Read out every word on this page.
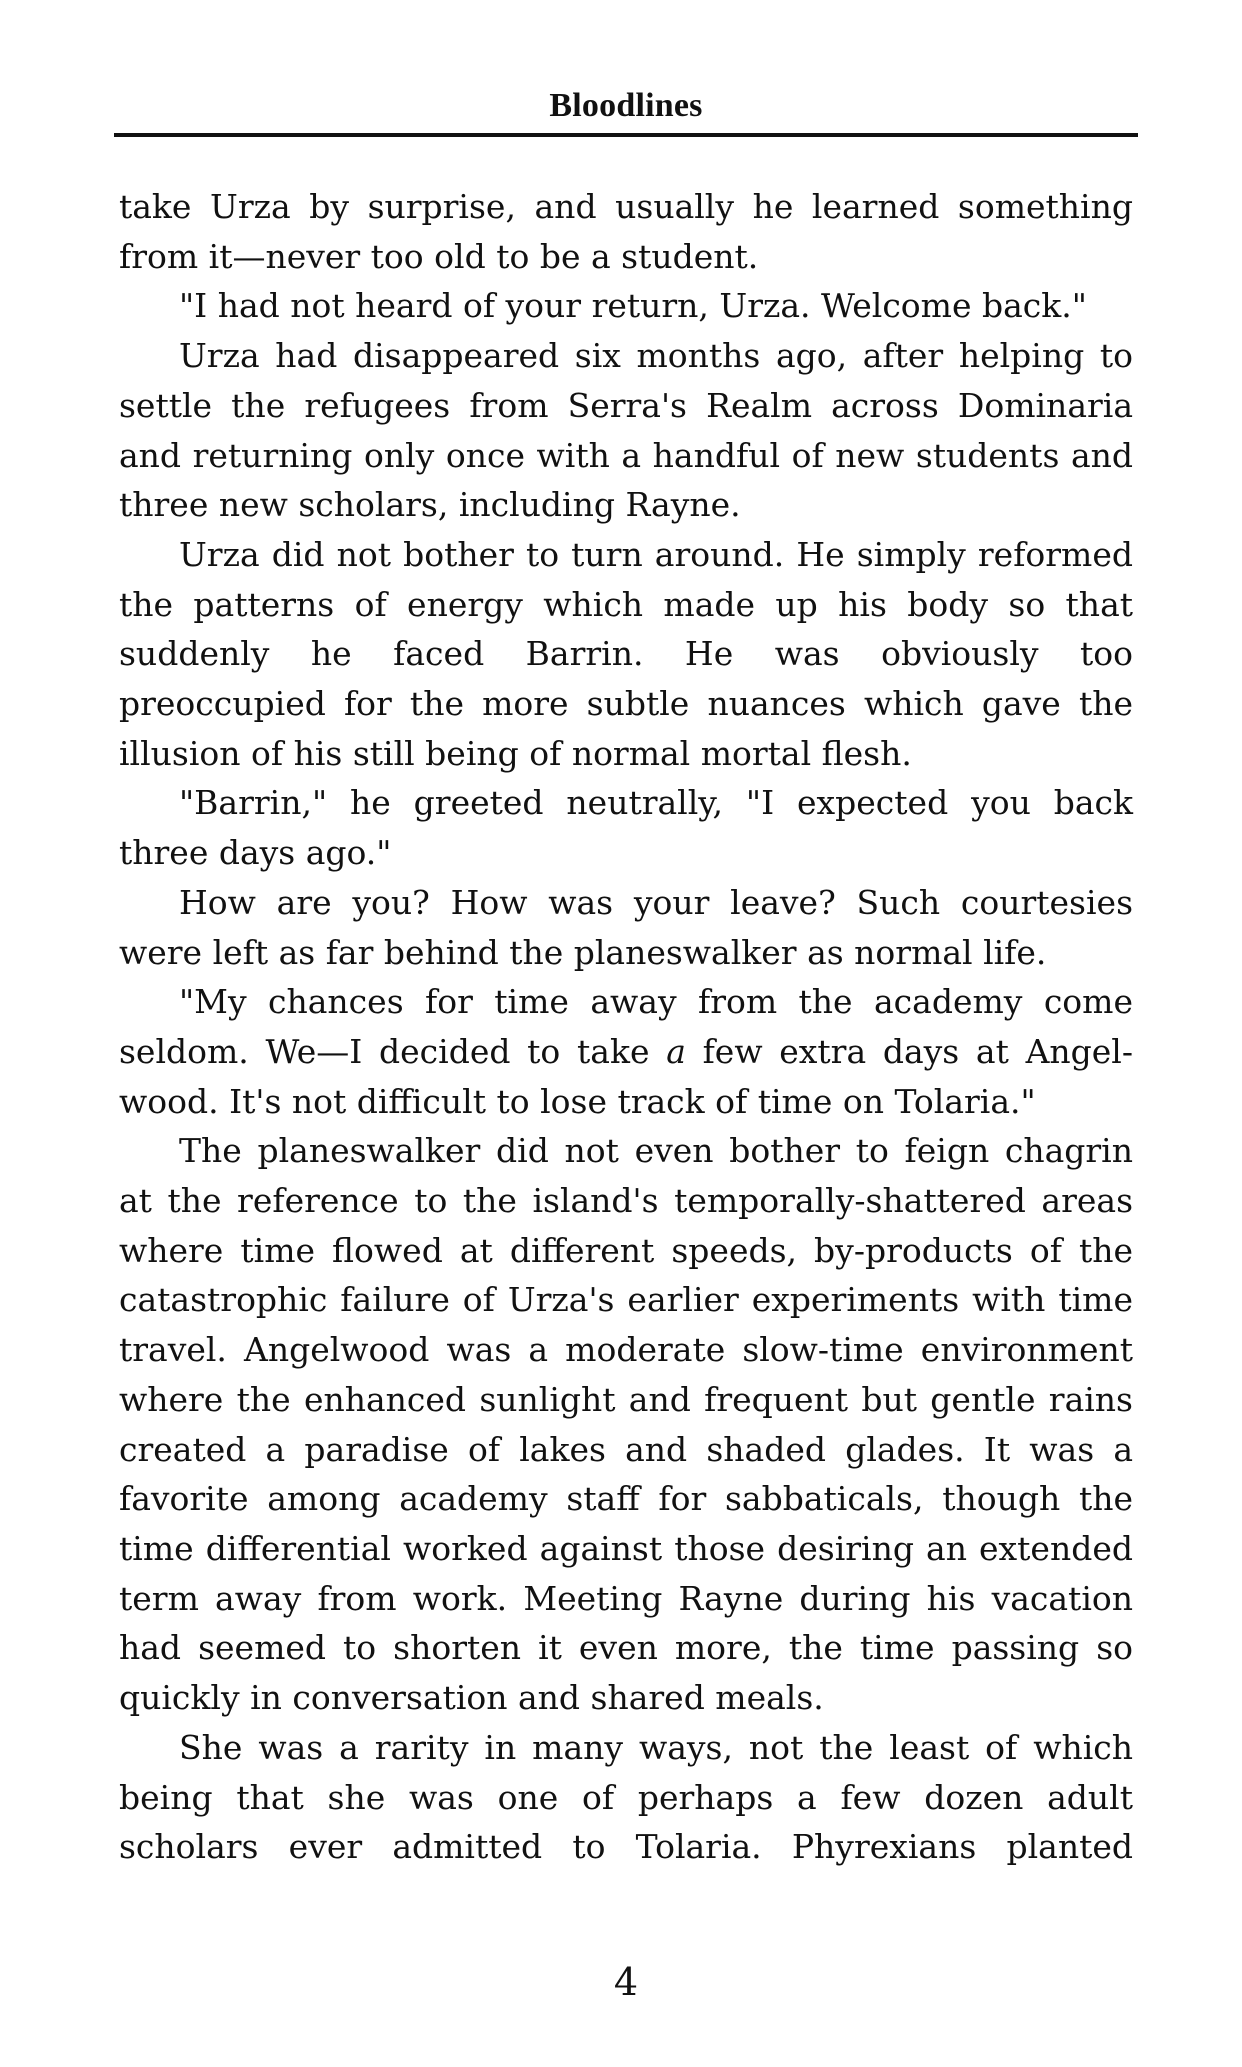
Bloodlines

take Urza by surprise, and usually he learned something from it—never too old to be a student.

"I had not heard of your return, Urza. Welcome back."

Urza had disappeared six months ago, after helping to settle the refugees from Serra's Realm across Dominaria and returning only once with a handful of new students and three new scholars, including Rayne.

Urza did not bother to turn around. He simply reformed the patterns of energy which made up his body so that suddenly he faced Barrin. He was obviously too preoccupied for the more subtle nuances which gave the illusion of his still being of normal mortal flesh.

"Barrin," he greeted neutrally, "I expected you back three days ago."

How are you? How was your leave? Such courtesies were left as far behind the planeswalker as normal life.

"My chances for time away from the academy come seldom. We—I decided to take a few extra days at Angel-wood. It's not difficult to lose track of time on Tolaria."

The planeswalker did not even bother to feign chagrin at the reference to the island's temporally-shattered areas where time flowed at different speeds, by-products of the catastrophic failure of Urza's earlier experiments with time travel. Angelwood was a moderate slow-time environment where the enhanced sunlight and frequent but gentle rains created a paradise of lakes and shaded glades. It was a favorite among academy staff for sabbaticals, though the time differential worked against those desiring an extended term away from work. Meeting Rayne during his vacation had seemed to shorten it even more, the time passing so quickly in conversation and shared meals.

She was a rarity in many ways, not the least of which being that she was one of perhaps a few dozen adult scholars ever admitted to Tolaria. Phyrexians planted

4
